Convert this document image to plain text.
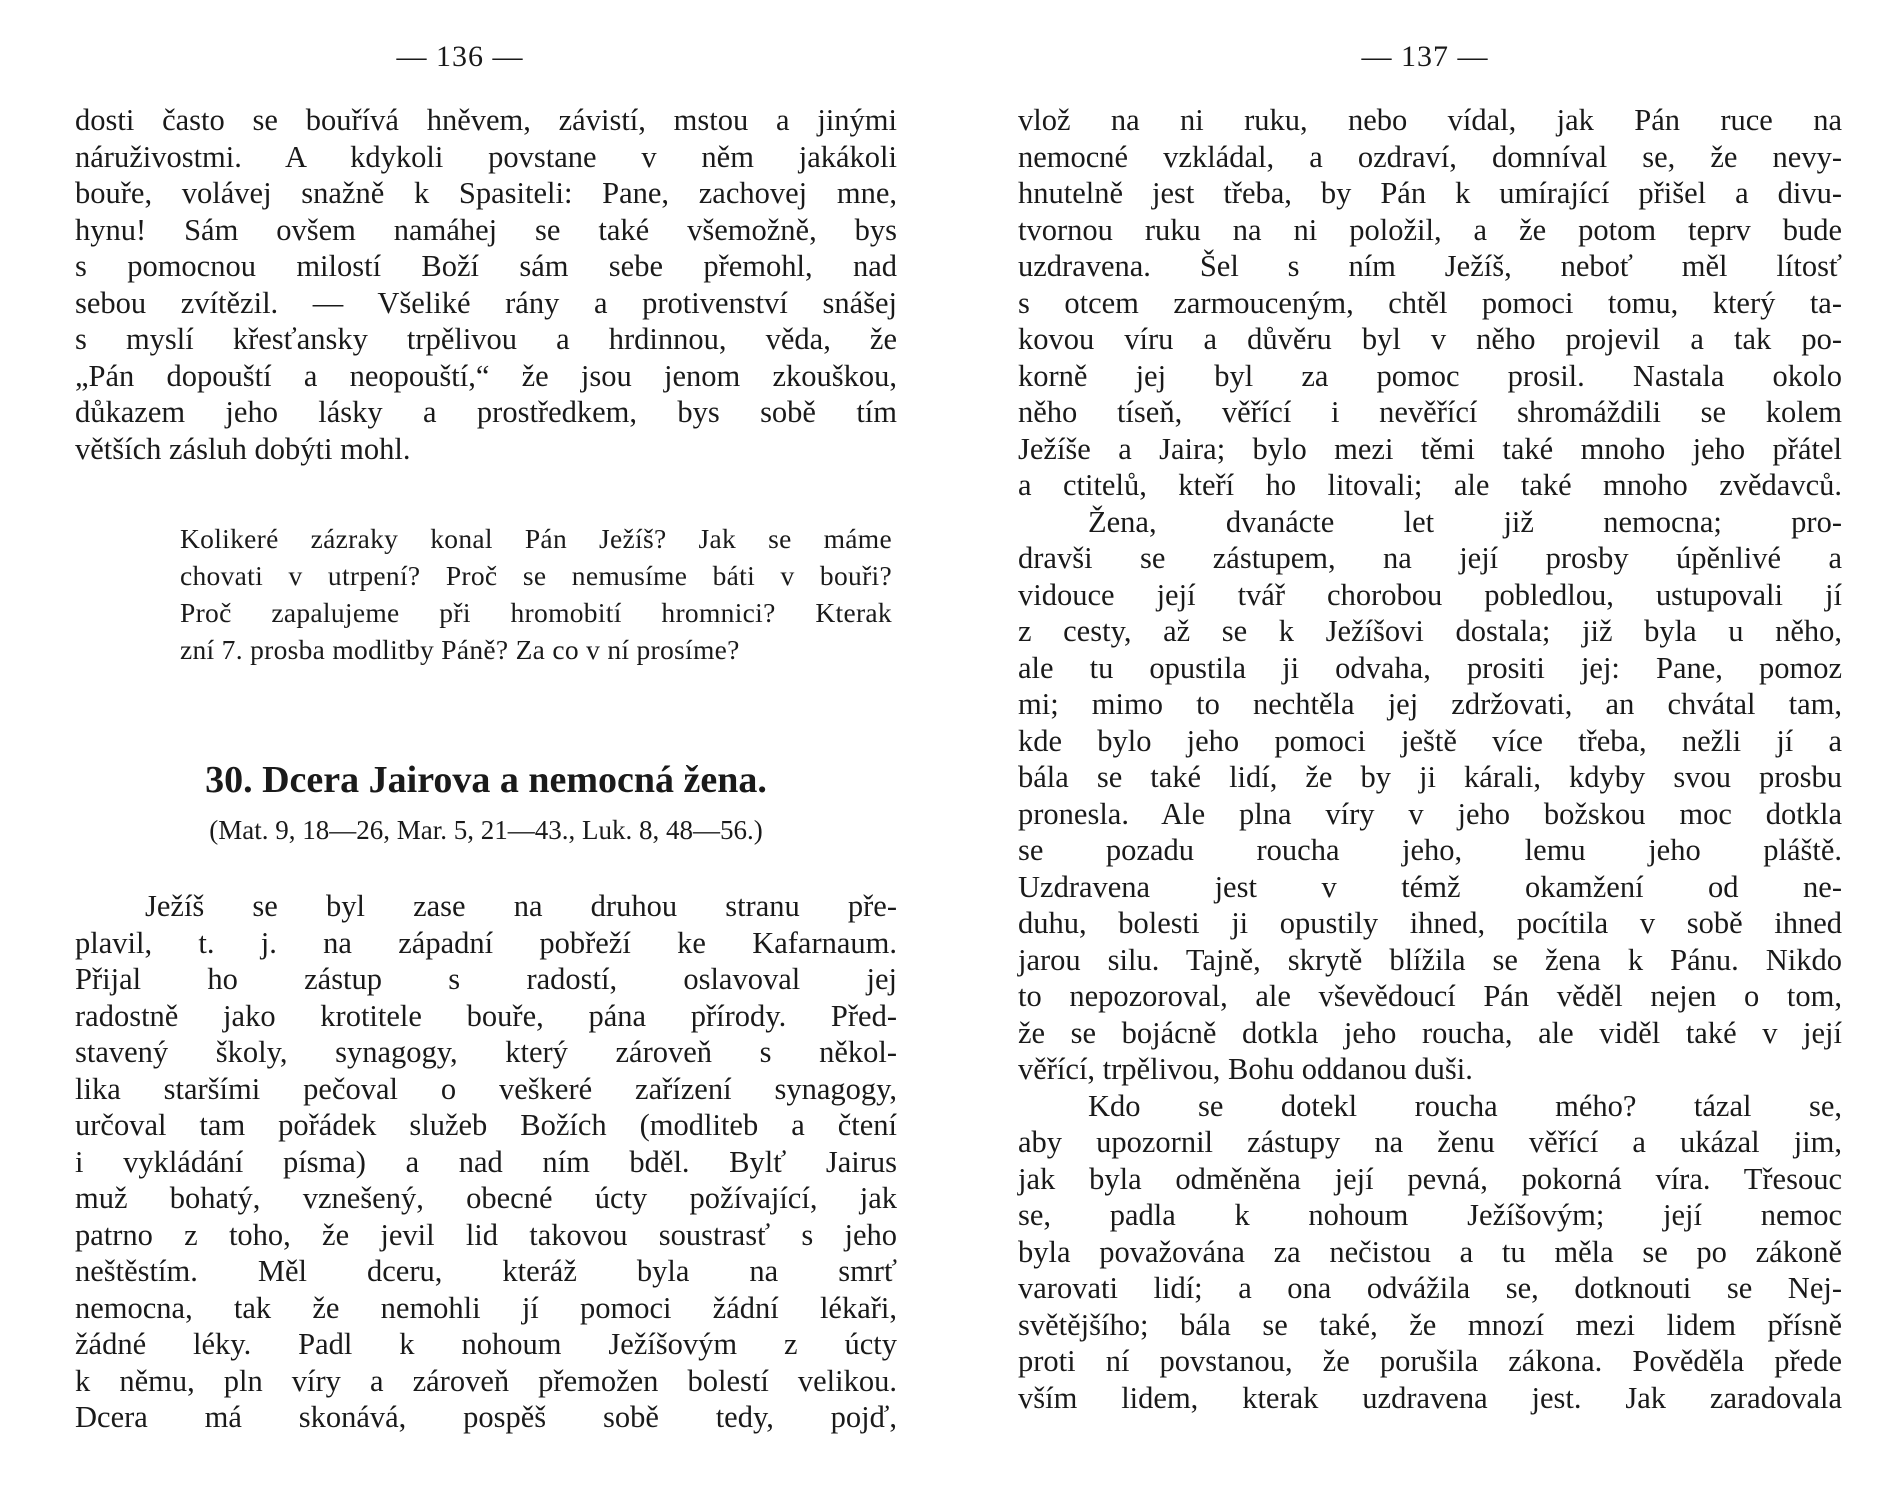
— 136 —
dosti často se bouřívá hněvem, závistí, mstou a jinými
náruživostmi. A kdykoli povstane v něm jakákoli
bouře, volávej snažně k Spasiteli: Pane, zachovej mne,
hynu! Sám ovšem namáhej se také všemožně, bys
s pomocnou milostí Boží sám sebe přemohl, nad
sebou zvítězil. — Všeliké rány a protivenství snášej
s myslí křesťansky trpělivou a hrdinnou, věda, že
„Pán dopouští a neopouští,“ že jsou jenom zkouškou,
důkazem jeho lásky a prostředkem, bys sobě tím
větších zásluh dobýti mohl.
Kolikeré zázraky konal Pán Ježíš? Jak se máme
chovati v utrpení? Proč se nemusíme báti v bouři?
Proč zapalujeme při hromobití hromnici? Kterak
zní 7. prosba modlitby Páně? Za co v ní prosíme?
30. Dcera Jairova a nemocná žena.
(Mat. 9, 18—26, Mar. 5, 21—43., Luk. 8, 48—56.)
Ježíš se byl zase na druhou stranu pře-
plavil, t. j. na západní pobřeží ke Kafarnaum.
Přijal ho zástup s radostí, oslavoval jej
radostně jako krotitele bouře, pána přírody. Před-
stavený školy, synagogy, který zároveň s někol-
lika staršími pečoval o veškeré zařízení synagogy,
určoval tam pořádek služeb Božích (modliteb a čtení
i vykládání písma) a nad ním bděl. Bylť Jairus
muž bohatý, vznešený, obecné úcty požívající, jak
patrno z toho, že jevil lid takovou soustrasť s jeho
neštěstím. Měl dceru, kteráž byla na smrť
nemocna, tak že nemohli jí pomoci žádní lékaři,
žádné léky. Padl k nohoum Ježíšovým z úcty
k němu, pln víry a zároveň přemožen bolestí velikou.
Dcera má skonává, pospěš sobě tedy, pojď,
— 137 —
vlož na ni ruku, nebo vídal, jak Pán ruce na
nemocné vzkládal, a ozdraví, domníval se, že nevy-
hnutelně jest třeba, by Pán k umírající přišel a divu-
tvornou ruku na ni položil, a že potom teprv bude
uzdravena. Šel s ním Ježíš, neboť měl lítosť
s otcem zarmouceným, chtěl pomoci tomu, který ta-
kovou víru a důvěru byl v něho projevil a tak po-
korně jej byl za pomoc prosil. Nastala okolo
něho tíseň, věřící i nevěřící shromáždili se kolem
Ježíše a Jaira; bylo mezi těmi také mnoho jeho přátel
a ctitelů, kteří ho litovali; ale také mnoho zvědavců.
Žena, dvanácte let již nemocna; pro-
dravši se zástupem, na její prosby úpěnlivé a
vidouce její tvář chorobou pobledlou, ustupovali jí
z cesty, až se k Ježíšovi dostala; již byla u něho,
ale tu opustila ji odvaha, prositi jej: Pane, pomoz
mi; mimo to nechtěla jej zdržovati, an chvátal tam,
kde bylo jeho pomoci ještě více třeba, nežli jí a
bála se také lidí, že by ji kárali, kdyby svou prosbu
pronesla. Ale plna víry v jeho božskou moc dotkla
se pozadu roucha jeho, lemu jeho pláště.
Uzdravena jest v témž okamžení od ne-
duhu, bolesti ji opustily ihned, pocítila v sobě ihned
jarou silu. Tajně, skrytě blížila se žena k Pánu. Nikdo
to nepozoroval, ale vševědoucí Pán věděl nejen o tom,
že se bojácně dotkla jeho roucha, ale viděl také v její
věřící, trpělivou, Bohu oddanou duši.
Kdo se dotekl roucha mého? tázal se,
aby upozornil zástupy na ženu věřící a ukázal jim,
jak byla odměněna její pevná, pokorná víra. Třesouc
se, padla k nohoum Ježíšovým; její nemoc
byla považována za nečistou a tu měla se po zákoně
varovati lidí; a ona odvážila se, dotknouti se Nej-
světějšího; bála se také, že mnozí mezi lidem přísně
proti ní povstanou, že porušila zákona. Pověděla přede
vším lidem, kterak uzdravena jest. Jak zaradovala
